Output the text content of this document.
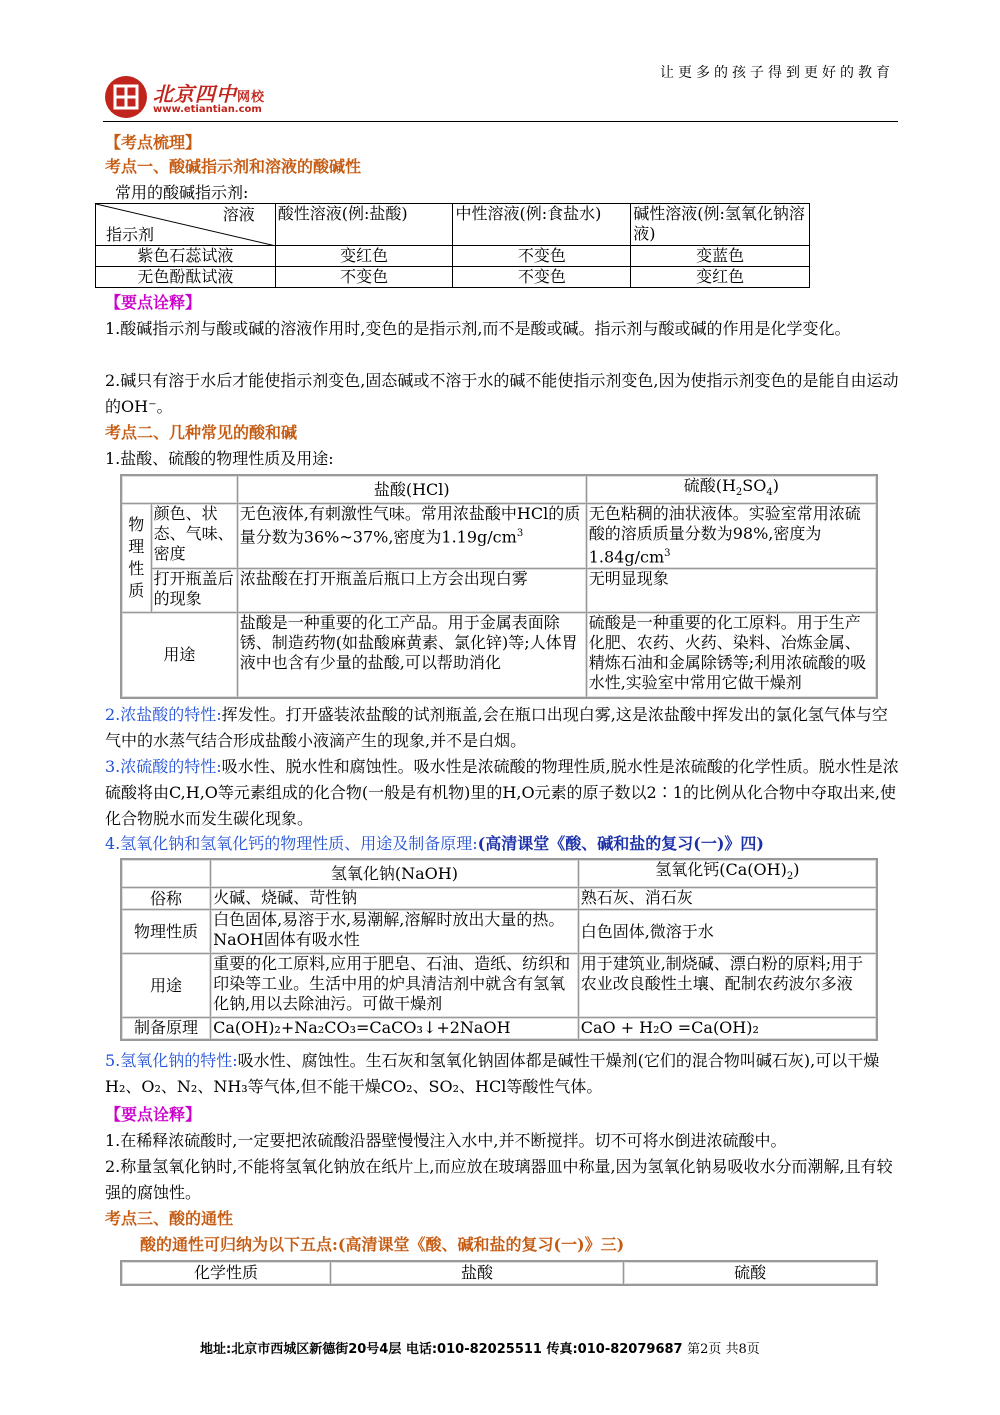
让更多的孩子得到更好的教育
北京四中网校
www.etiantian.com
【考点梳理】
考点一、酸碱指示剂和溶液的酸碱性
常用的酸碱指示剂:
溶液
指示剂	酸性溶液(例:盐酸)	中性溶液(例:食盐水)	碱性溶液(例:氢氧化钠溶液)
紫色石蕊试液	变红色	不变色	变蓝色
无色酚酞试液	不变色	不变色	变红色
【要点诠释】
1.酸碱指示剂与酸或碱的溶液作用时,变色的是指示剂,而不是酸或碱。指示剂与酸或碱的作用是化学变化。
2.碱只有溶于水后才能使指示剂变色,固态碱或不溶于水的碱不能使指示剂变色,因为使指示剂变色的是能自由运动的OH⁻。
考点二、几种常见的酸和碱
1.盐酸、硫酸的物理性质及用途:
		盐酸(HCl)	硫酸$(H_2SO_4)$
物理性质	颜色、状态、气味、密度	无色液体,有刺激性气味。常用浓盐酸中HCl的质量分数为36%~37%,密度为$1.19g/cm^3$	无色粘稠的油状液体。实验室常用浓硫酸的溶质质量分数为98%,密度为$1.84g/cm^3$
	打开瓶盖后的现象	浓盐酸在打开瓶盖后瓶口上方会出现白雾	无明显现象
用途		盐酸是一种重要的化工产品。用于金属表面除锈、制造药物(如盐酸麻黄素、氯化锌)等;人体胃液中也含有少量的盐酸,可以帮助消化	硫酸是一种重要的化工原料。用于生产化肥、农药、火药、染料、冶炼金属、精炼石油和金属除锈等;利用浓硫酸的吸水性,实验室中常用它做干燥剂
2.浓盐酸的特性:挥发性。打开盛装浓盐酸的试剂瓶盖,会在瓶口出现白雾,这是浓盐酸中挥发出的氯化氢气体与空气中的水蒸气结合形成盐酸小液滴产生的现象,并不是白烟。
3.浓硫酸的特性:吸水性、脱水性和腐蚀性。吸水性是浓硫酸的物理性质,脱水性是浓硫酸的化学性质。脱水性是浓硫酸将由C,H,O等元素组成的化合物(一般是有机物)里的H,O元素的原子数以2∶1的比例从化合物中夺取出来,使化合物脱水而发生碳化现象。
4.氢氧化钠和氢氧化钙的物理性质、用途及制备原理:(高清课堂《酸、碱和盐的复习(一)》四)
	氢氧化钠(NaOH)	氢氧化钙$(Ca(OH)_2)$
俗称	火碱、烧碱、苛性钠	熟石灰、消石灰
物理性质	白色固体,易溶于水,易潮解,溶解时放出大量的热。NaOH固体有吸水性	白色固体,微溶于水
用途	重要的化工原料,应用于肥皂、石油、造纸、纺织和印染等工业。生活中用的炉具清洁剂中就含有氢氧化钠,用以去除油污。可做干燥剂	用于建筑业,制烧碱、漂白粉的原料;用于农业改良酸性土壤、配制农药波尔多液
制备原理	Ca(OH)₂+Na₂CO₃=CaCO₃↓+2NaOH	CaO + H₂O =Ca(OH)₂
5.氢氧化钠的特性:吸水性、腐蚀性。生石灰和氢氧化钠固体都是碱性干燥剂(它们的混合物叫碱石灰),可以干燥H₂、O₂、N₂、NH₃等气体,但不能干燥CO₂、SO₂、HCl等酸性气体。
【要点诠释】
1.在稀释浓硫酸时,一定要把浓硫酸沿器壁慢慢注入水中,并不断搅拌。切不可将水倒进浓硫酸中。
2.称量氢氧化钠时,不能将氢氧化钠放在纸片上,而应放在玻璃器皿中称量,因为氢氧化钠易吸收水分而潮解,且有较强的腐蚀性。
考点三、酸的通性
酸的通性可归纳为以下五点:(高清课堂《酸、碱和盐的复习(一)》三)
化学性质	盐酸	硫酸
地址:北京市西城区新德街20号4层 电话:010-82025511 传真:010-82079687 第2页 共8页
